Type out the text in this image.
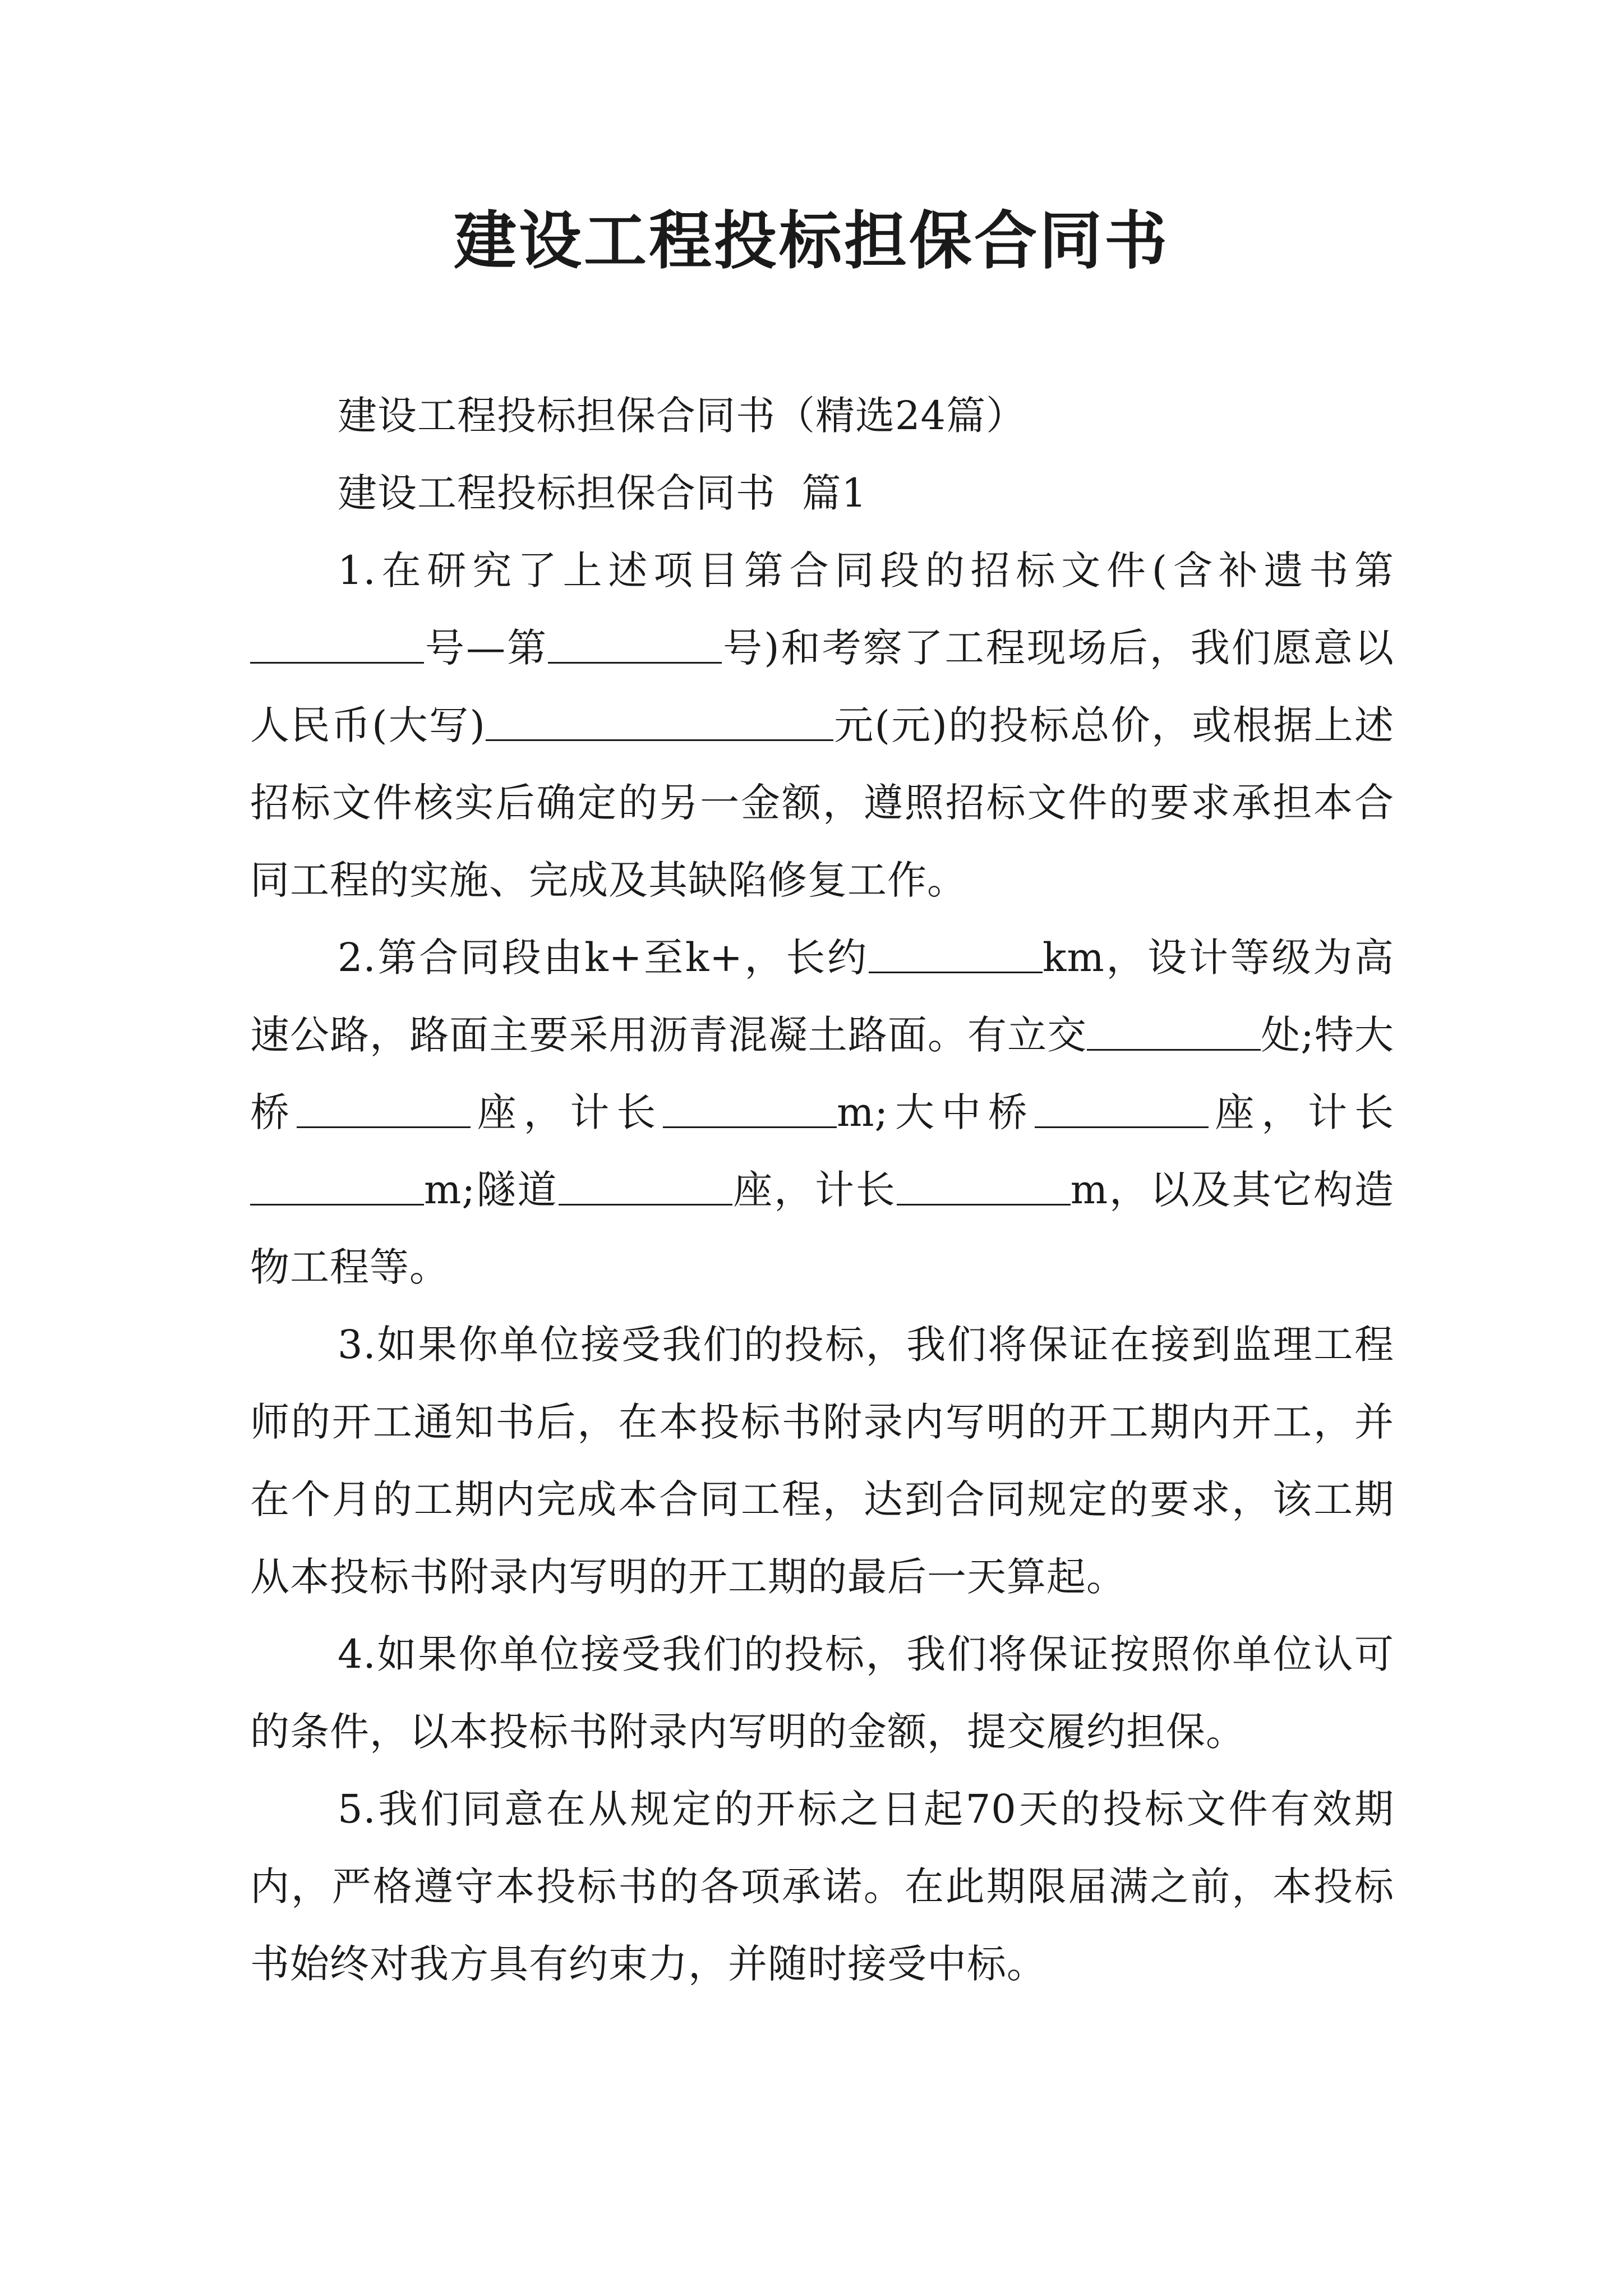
建设工程投标担保合同书

建设工程投标担保合同书（精选24篇）

建设工程投标担保合同书  篇1

1.在研究了上述项目第合同段的招标文件(含补遗书第号—第	号)和考察了工程现场后，我们愿意以人民币(大写)	元(元)的投标总价，或根据上述招标文件核实后确定的另一金额，遵照招标文件的要求承担本合同工程的实施、完成及其缺陷修复工作。

2.第合同段由k+至k+，长约	km，设计等级为高速公路，路面主要采用沥青混凝土路面。有立交	处;特大桥	座，计长	m;大中桥	座，计长m;隧道	座，计长	m，以及其它构造物工程等。

3.如果你单位接受我们的投标，我们将保证在接到监理工程师的开工通知书后，在本投标书附录内写明的开工期内开工，并在个月的工期内完成本合同工程，达到合同规定的要求，该工期从本投标书附录内写明的开工期的最后一天算起。

4.如果你单位接受我们的投标，我们将保证按照你单位认可的条件，以本投标书附录内写明的金额，提交履约担保。

5.我们同意在从规定的开标之日起70天的投标文件有效期内，严格遵守本投标书的各项承诺。在此期限届满之前，本投标书始终对我方具有约束力，并随时接受中标。
